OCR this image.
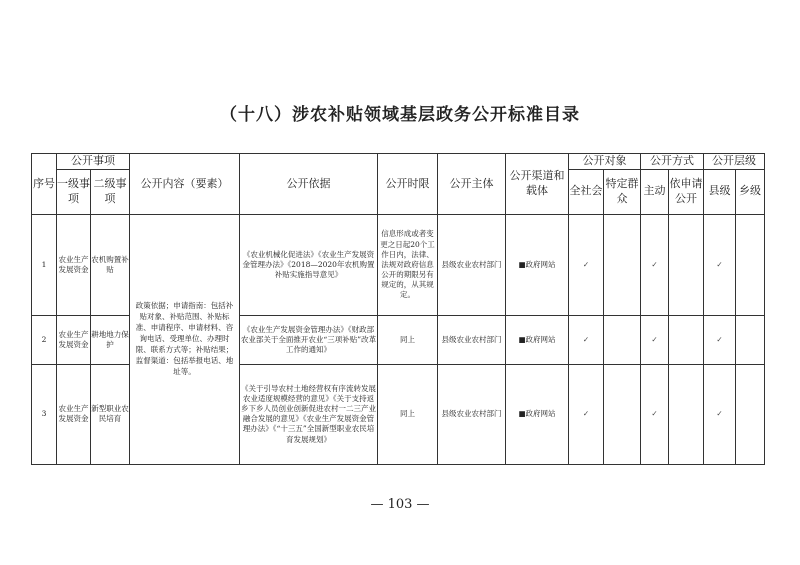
（十八）涉农补贴领域基层政务公开标准目录
序号	公开事项		公开内容（要素）	公开依据	公开时限	公开主体	公开渠道和载体	公开对象		公开方式		公开层级	
	一级事项	二级事项						全社会	特定群众	主动	依申请公开	县级	乡级
1	农业生产发展资金	农机购置补贴	政策依据；申请指南：包括补贴对象、补贴范围、补贴标准、申请程序、申请材料、咨询电话、受理单位、办理时限、联系方式等；补贴结果；监督渠道：包括举报电话、地址等。	《农业机械化促进法》《农业生产发展资金管理办法》《2018—2020年农机购置补贴实施指导意见》	信息形成或者变更之日起20个工作日内，法律、法规对政府信息公开的期限另有规定的，从其规定。	县级农业农村部门	■政府网站	✓		✓		✓	
2	农业生产发展资金	耕地地力保护		《农业生产发展资金管理办法》《财政部 农业部关于全面推开农业“三项补贴”改革工作的通知》	同上	县级农业农村部门	■政府网站	✓		✓		✓	
3	农业生产发展资金	新型职业农民培育		《关于引导农村土地经营权有序流转发展农业适度规模经营的意见》《关于支持返乡下乡人员创业创新促进农村一二三产业融合发展的意见》《农业生产发展资金管理办法》《“十三五”全国新型职业农民培育发展规划》	同上	县级农业农村部门	■政府网站	✓		✓		✓	
— 103 —
